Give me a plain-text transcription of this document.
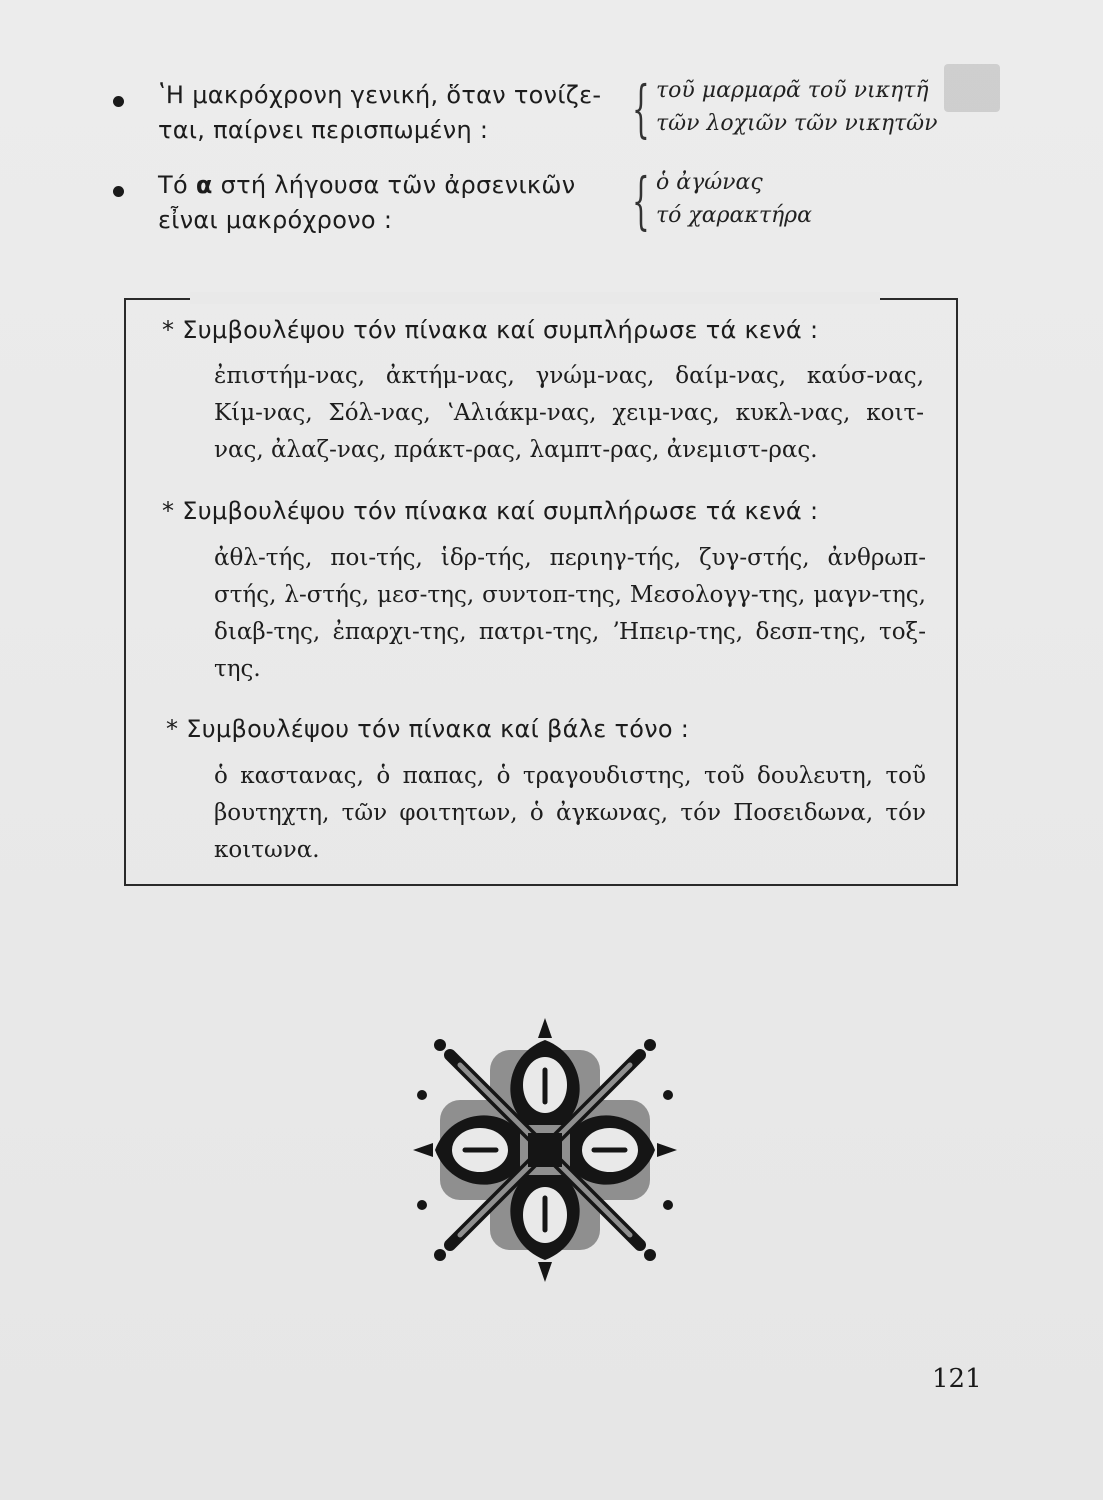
ʽΗ μακρόχρονη γενική, ὅταν τονίζε-
ται, παίρνει περισπωμένη :	{ τοῦ μαρμαρᾶ τοῦ νικητῆ
τῶν λοχιῶν τῶν νικητῶν
Τό α στή λήγουσα τῶν ἀρσενικῶν
εἶναι μακρόχρονο :	{ ὁ ἀγώνας
τό χαρακτήρα
* Συμβουλέψου τόν πίνακα καί συμπλήρωσε τά κενά :
ἐπιστήμ-νας, ἀκτήμ-νας, γνώμ-νας, δαίμ-νας, καύσ-νας, Κίμ-νας, Σόλ-νας, ʽΑλιάκμ-νας, χειμ-νας, κυκλ-νας, κοιτ-νας, ἀλαζ-νας, πράκτ-ρας, λαμπτ-ρας, ἀνεμιστ-ρας.
* Συμβουλέψου τόν πίνακα καί συμπλήρωσε τά κενά :
ἀθλ-τής, ποι-τής, ἱδρ-τής, περιηγ-τής, ζυγ-στής, ἀνθρωπ-στής, λ-στής, μεσ-της, συντοπ-της, Μεσολογγ-της, μαγν-της, διαβ-της, ἐπαρχι-της, πατρι-της, ʼΗπειρ-της, δεσπ-της, τοξ-της.
* Συμβουλέψου τόν πίνακα καί βάλε τόνο :
ὁ καστανας, ὁ παπας, ὁ τραγουδιστης, τοῦ δουλευτη, τοῦ βουτηχτη, τῶν φοιτητων, ὁ ἀγκωνας, τόν Ποσειδωνα, τόν κοιτωνα.
121
